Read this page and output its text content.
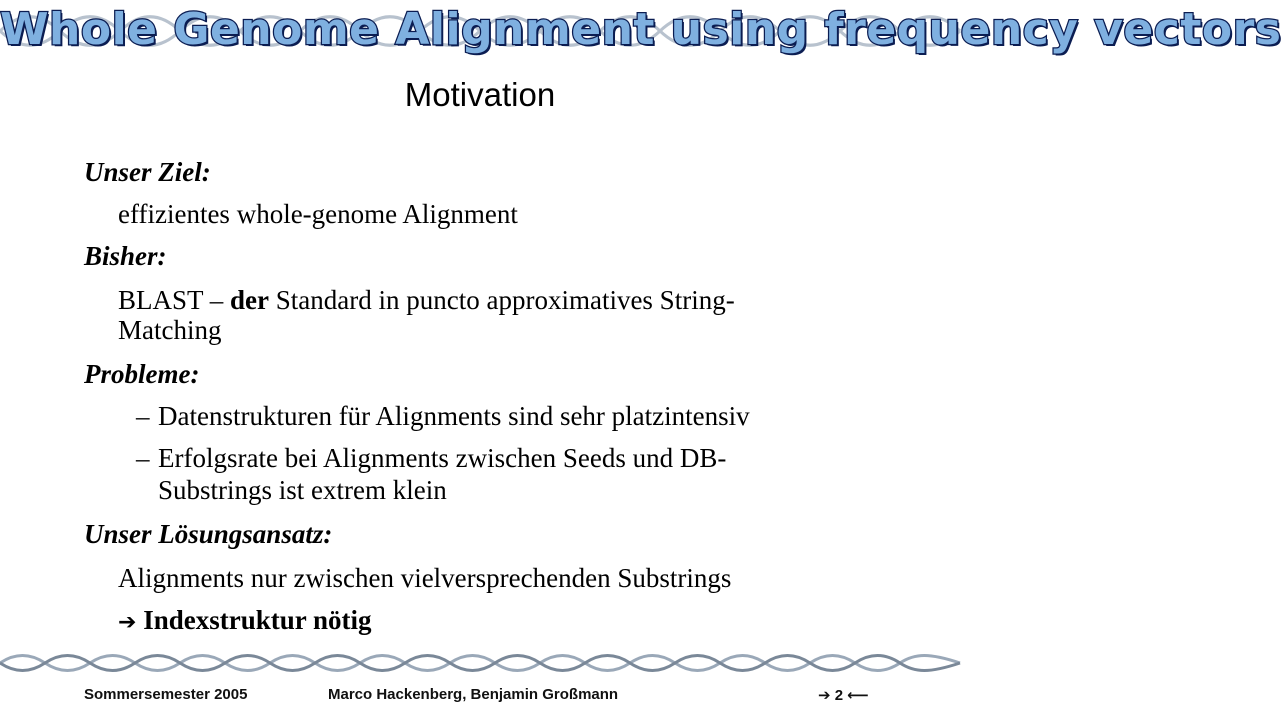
Whole Genome Alignment using frequency vectors
Motivation
Unser Ziel:
effizientes whole-genome Alignment
Bisher:
BLAST – der Standard in puncto approximatives String-
Matching
Probleme:
– Datenstrukturen für Alignments sind sehr platzintensiv
– Erfolgsrate bei Alignments zwischen Seeds und DB-
Substrings ist extrem klein
Unser Lösungsansatz:
Alignments nur zwischen vielversprechenden Substrings
➔ Indexstruktur nötig
Sommersemester 2005	Marco Hackenberg, Benjamin Großmann	➔ 2 ⟵
